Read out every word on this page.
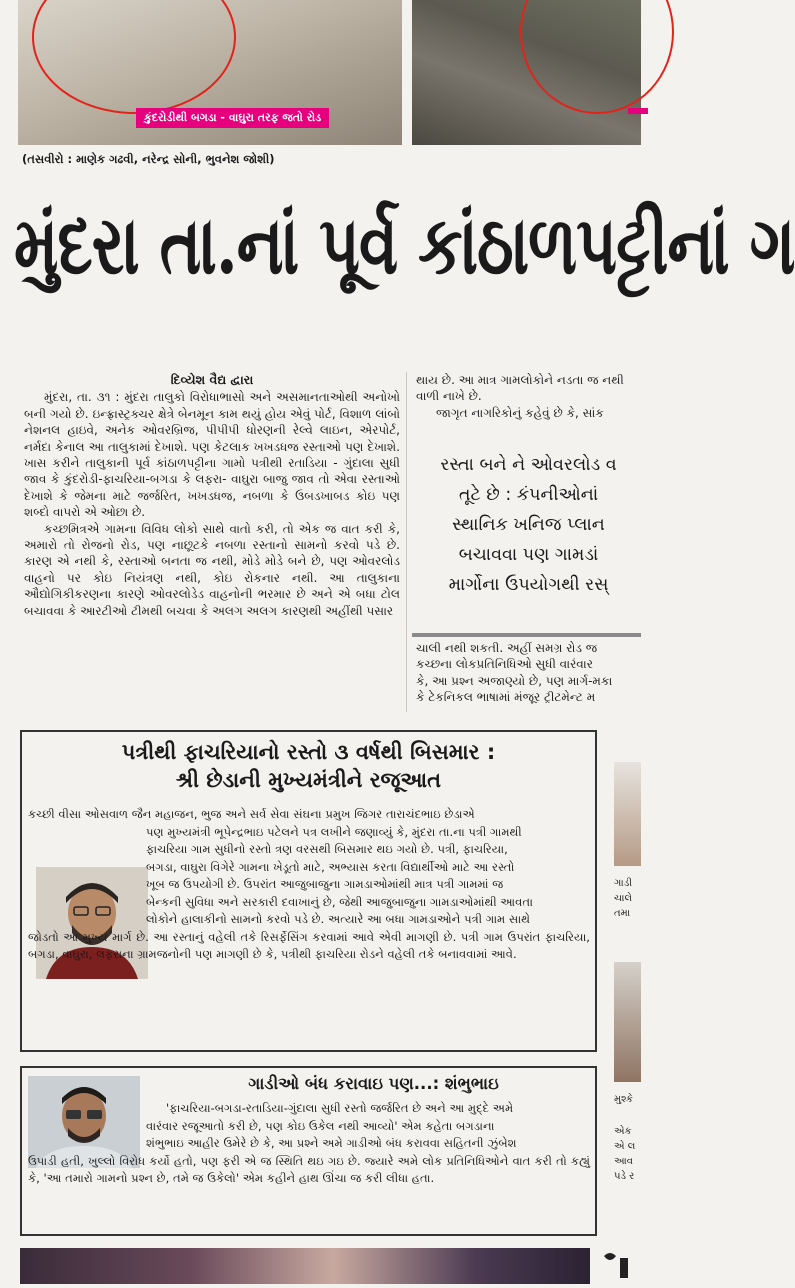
કુંદરોડીથી બગડા - વાઘુરા તરફ જતો રોડ
(તસવીરો : માણેક ગઢવી, નરેન્દ્ર સોની, ભુવનેશ જોશી)
મુંદરા તા.નાં પૂર્વ કાંઠાળપટ્ટીનાં ગ
દિવ્યેશ વૈદ્ય દ્વારા

મુંદરા, તા. ૩૧ : મુંદરા તાલુકો વિરોધાભાસો અને અસમાનતાઓથી અનોખો બની ગયો છે. ઇન્ફ્રાસ્ટ્રક્ચર ક્ષેત્રે બેનમૂન કામ થયું હોય એવું પોર્ટ, વિશાળ લાંબો નેશનલ હાઇવે, અનેક ઓવરબ્રિજ, પીપીપી ધોરણની રેલ્વે લાઇન, એરપોર્ટ, નર્મદા કેનાલ આ તાલુકામાં દેખાશે. પણ કેટલાક ખખડધજ રસ્તાઓ પણ દેખાશે. ખાસ કરીને તાલુકાની પૂર્વ કાંઠાળપટ્ટીના ગામો પત્રીથી રતાડિયા - ગુંદાલા સુધી જાવ કે કુંદરોડી-ફાચરિયા-બગડા કે લફરા- વાઘુરા બાજુ જાવ તો એવા રસ્તાઓ દેખાશે કે જેમના માટે જર્જરિત, ખખડધજ, નબળા કે ઉબડખાબડ કોઇ પણ શબ્દો વાપરો એ ઓછા છે.

કચ્છમિત્રએ ગામના વિવિધ લોકો સાથે વાતો કરી, તો એક જ વાત કરી કે, અમારો તો રોજનો રોડ, પણ નાછૂટકે નબળા રસ્તાનો સામનો કરવો પડે છે. કારણ એ નથી કે, રસ્તાઓ બનતા જ નથી, મોડે મોડે બને છે, પણ ઓવરલોડ વાહનો પર કોઇ નિયંત્રણ નથી, કોઇ રોકનાર નથી. આ તાલુકાના ઔદ્યોગિકીકરણના કારણે ઓવરલોડેડ વાહનોની ભરમાર છે અને એ બધા ટોલ બચાવવા કે આરટીઓ ટીમથી બચવા કે અલગ અલગ કારણથી અહીંથી પસાર

થાય છે. આ માત્ર ગામલોકોને નડતા જ નથી

વાળી નાખે છે.

જાગૃત નાગરિકોનું કહેવું છે કે, સાંક

રસ્તા બને ને ઓવરલોડ વ

તૂટે છે : કંપનીઓનાં

સ્થાનિક ખનિજ પ્લાન

બચાવવા પણ ગામડાં

માર્ગોના ઉપયોગથી રસ્

ચાલી નથી શકતી. અહીં સમગ્ર રોડ જ

કચ્છના લોકપ્રતિનિધિઓ સુધી વારંવાર

કે, આ પ્રશ્ન અજાણ્યો છે, પણ માર્ગ-મકા

કે ટેકનિકલ ભાષામાં મંજૂર ટ્રીટમેન્ટ મ

પત્રીથી ફાચરિયાનો રસ્તો ૩ વર્ષથી બિસમાર :
શ્રી છેડાની મુખ્યમંત્રીને રજૂઆત

કચ્છી વીસા ઓસવાળ જૈન મહાજન, ભુજ અને સર્વ સેવા સંઘના પ્રમુખ જિગર તારાચંદભાઇ છેડાએ

પણ મુખ્યમંત્રી ભૂપેન્દ્રભાઇ પટેલને પત્ર લખીને જણાવ્યું કે, મુંદરા તા.ના પત્રી ગામથી

ફાચરિયા ગામ સુધીનો રસ્તો ત્રણ વરસથી બિસમાર થઇ ગયો છે. પત્રી, ફાચરિયા,

બગડા, વાઘુરા વિગેરે ગામના ખેડૂતો માટે, અભ્યાસ કરતા વિદ્યાર્થીઓ માટે આ રસ્તો

ખૂબ જ ઉપયોગી છે. ઉપરાંત આજુબાજુના ગામડાઓમાંથી માત્ર પત્રી ગામમાં જ

બેન્કની સુવિધા અને સરકારી દવાખાનું છે, જેથી આજુબાજુના ગામડાઓમાંથી આવતા

લોકોને હાલાકીનો સામનો કરવો પડે છે. અત્યારે આ બધા ગામડાઓને પત્રી ગામ સાથે

જોડતો આ મુખ્ય માર્ગ છે. આ રસ્તાનું વહેલી તકે રિસર્ફેસિંગ કરવામાં આવે એવી માગણી છે. પત્રી ગામ ઉપરાંત ફાચરિયા, બગડા, વાઘુરા, લફરાના ગ્રામજનોની પણ માગણી છે કે, પત્રીથી ફાચરિયા રોડને વહેલી તકે બનાવવામાં આવે.

ગાડીઓ બંધ કરાવાઇ પણ...: શંભુભાઇ

'ફાચરિયા-બગડા-રતાડિયા-ગુંદાલા સુધી રસ્તો જર્જરિત છે અને આ મુદ્દે અમે

વારંવાર રજૂઆતો કરી છે, પણ કોઇ ઉકેલ નથી આવ્યો' એમ કહેતા બગડાના

શંભુભાઇ આહીર ઉમેરે છે કે, આ પ્રશ્ને અમે ગાડીઓ બંધ કરાવવા સહિતની ઝુંબેશ

ઉપાડી હતી, ખુલ્લો વિરોધ કર્યો હતો, પણ ફરી એ જ સ્થિતિ થઇ ગઇ છે. જ્યારે અમે લોક પ્રતિનિધિઓને વાત કરી તો કહ્યું કે, 'આ તમારો ગામનો પ્રશ્ન છે, તમે જ ઉકેલો' એમ કહીને હાથ ઊંચા જ કરી લીધા હતા.

ગાડી
ચાલે
તમા
મુશ્કે
એક
એ લ
આવ
પડે ર
